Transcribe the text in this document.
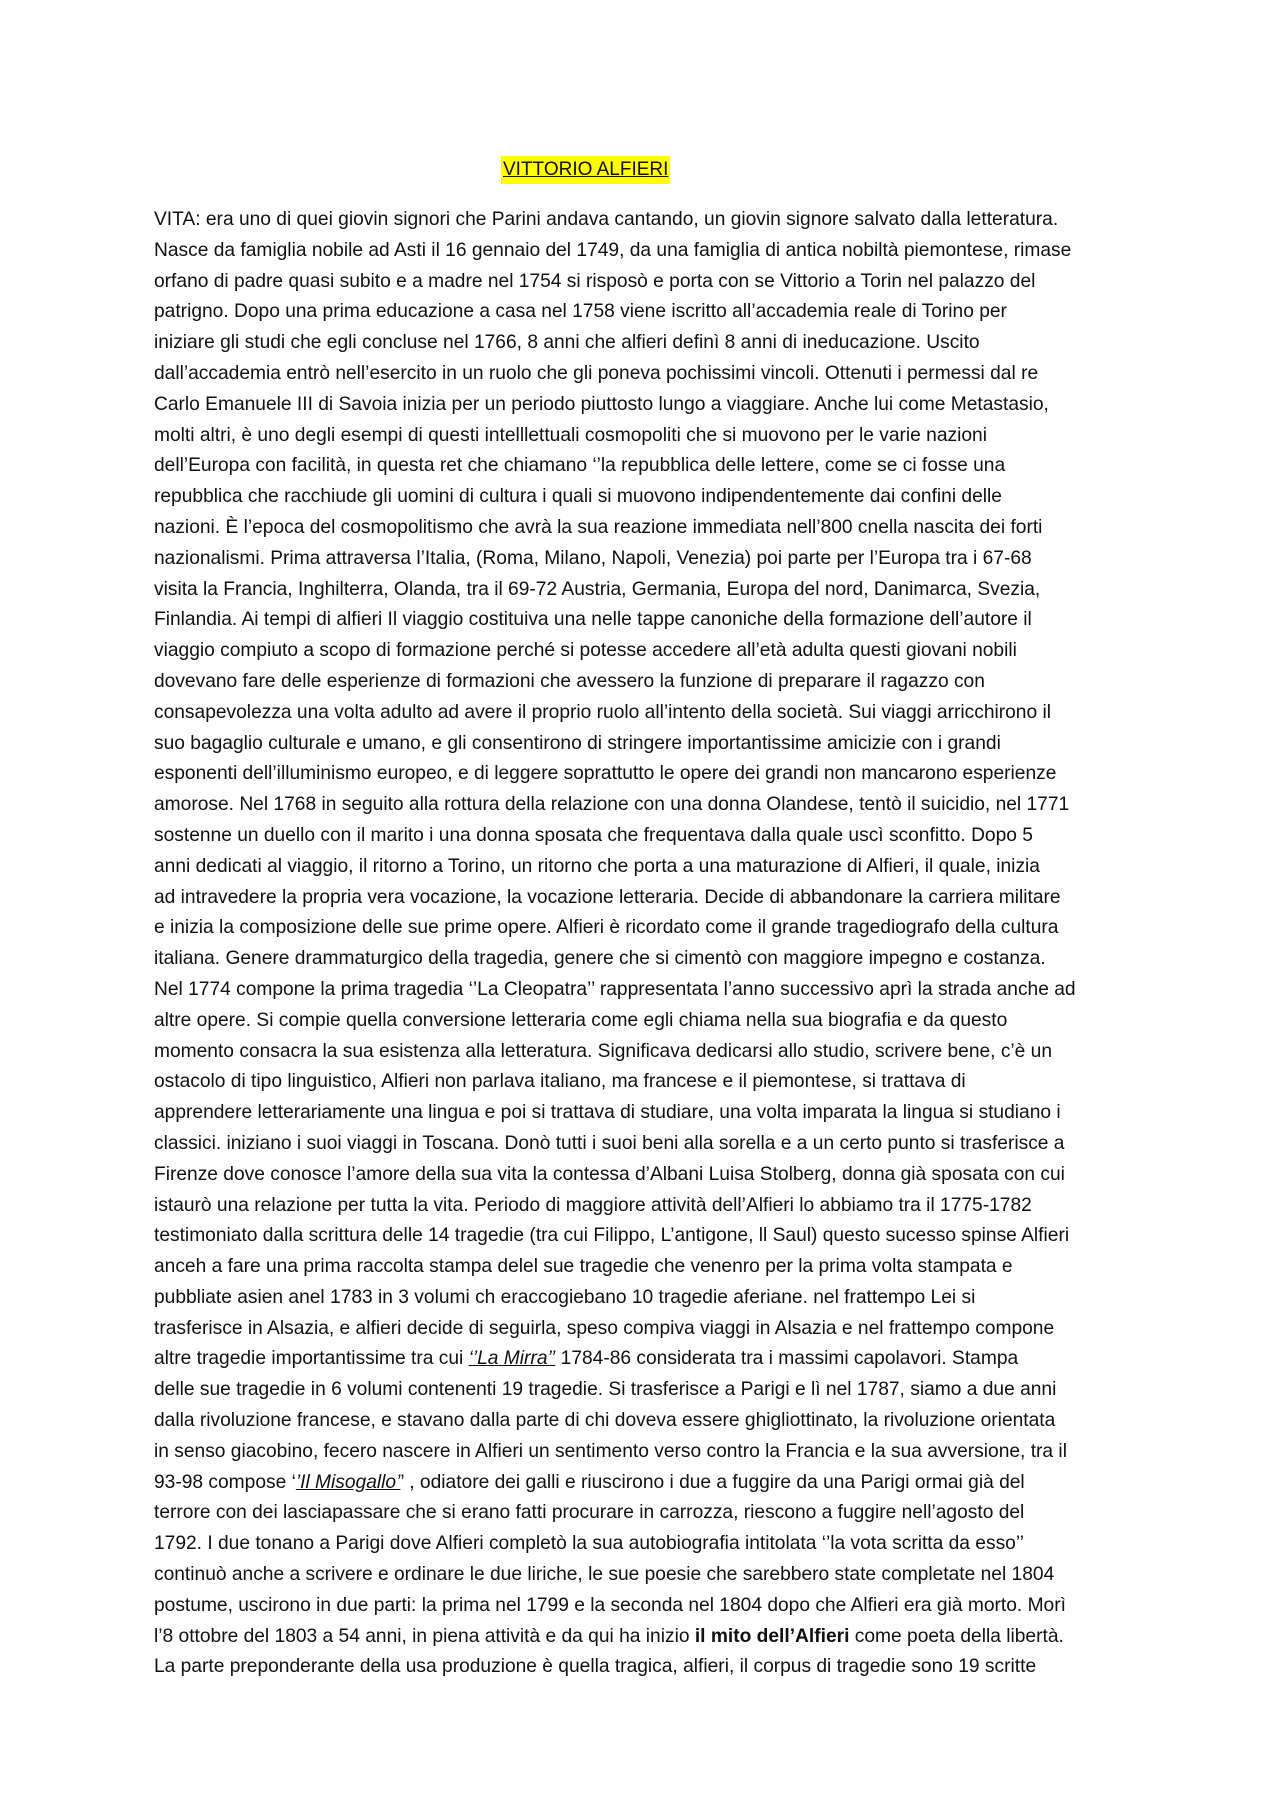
VITTORIO ALFIERI
VITA: era uno di quei giovin signori che Parini andava cantando, un giovin signore salvato dalla letteratura.
Nasce da famiglia nobile ad Asti il 16 gennaio del 1749, da una famiglia di antica nobiltà piemontese, rimase
orfano di padre quasi subito e a madre nel 1754 si risposò e porta con se Vittorio a Torin nel palazzo del
patrigno. Dopo una prima educazione a casa nel 1758 viene iscritto all’accademia reale di Torino per
iniziare gli studi che egli concluse nel 1766, 8 anni che alfieri definì 8 anni di ineducazione. Uscito
dall’accademia entrò nell’esercito in un ruolo che gli poneva pochissimi vincoli. Ottenuti i permessi dal re
Carlo Emanuele III di Savoia inizia per un periodo piuttosto lungo a viaggiare. Anche lui come Metastasio,
molti altri, è uno degli esempi di questi intelllettuali cosmopoliti che si muovono per le varie nazioni
dell’Europa con facilità, in questa ret che chiamano ‘’la repubblica delle lettere, come se ci fosse una
repubblica che racchiude gli uomini di cultura i quali si muovono indipendentemente dai confini delle
nazioni. È l’epoca del cosmopolitismo che avrà la sua reazione immediata nell’800 cnella nascita dei forti
nazionalismi. Prima attraversa l’Italia, (Roma, Milano, Napoli, Venezia) poi parte per l’Europa tra i 67-68
visita la Francia, Inghilterra, Olanda, tra il 69-72 Austria, Germania, Europa del nord, Danimarca, Svezia,
Finlandia. Ai tempi di alfieri Il viaggio costituiva una nelle tappe canoniche della formazione dell’autore il
viaggio compiuto a scopo di formazione perché si potesse accedere all’età adulta questi giovani nobili
dovevano fare delle esperienze di formazioni che avessero la funzione di preparare il ragazzo con
consapevolezza una volta adulto ad avere il proprio ruolo all’intento della società. Sui viaggi arricchirono il
suo bagaglio culturale e umano, e gli consentirono di stringere importantissime amicizie con i grandi
esponenti dell’illuminismo europeo, e di leggere soprattutto le opere dei grandi non mancarono esperienze
amorose. Nel 1768 in seguito alla rottura della relazione con una donna Olandese, tentò il suicidio, nel 1771
sostenne un duello con il marito i una donna sposata che frequentava dalla quale uscì sconfitto. Dopo 5
anni dedicati al viaggio, il ritorno a Torino, un ritorno che porta a una maturazione di Alfieri, il quale, inizia
ad intravedere la propria vera vocazione, la vocazione letteraria. Decide di abbandonare la carriera militare
e inizia la composizione delle sue prime opere. Alfieri è ricordato come il grande tragediografo della cultura
italiana. Genere drammaturgico della tragedia, genere che si cimentò con maggiore impegno e costanza.
Nel 1774 compone la prima tragedia ‘’La Cleopatra’’ rappresentata l’anno successivo aprì la strada anche ad
altre opere. Si compie quella conversione letteraria come egli chiama nella sua biografia e da questo
momento consacra la sua esistenza alla letteratura. Significava dedicarsi allo studio, scrivere bene, c’è un
ostacolo di tipo linguistico, Alfieri non parlava italiano, ma francese e il piemontese, si trattava di
apprendere letterariamente una lingua e poi si trattava di studiare, una volta imparata la lingua si studiano i
classici. iniziano i suoi viaggi in Toscana. Donò tutti i suoi beni alla sorella e a un certo punto si trasferisce a
Firenze dove conosce l’amore della sua vita la contessa d’Albani Luisa Stolberg, donna già sposata con cui
istaurò una relazione per tutta la vita. Periodo di maggiore attività dell’Alfieri lo abbiamo tra il 1775-1782
testimoniato dalla scrittura delle 14 tragedie (tra cui Filippo, L’antigone, ll Saul) questo sucesso spinse Alfieri
anceh a fare una prima raccolta stampa delel sue tragedie che venenro per la prima volta stampata e
pubbliate asien anel 1783 in 3 volumi ch eraccogiebano 10 tragedie aferiane. nel frattempo Lei si
trasferisce in Alsazia, e alfieri decide di seguirla, speso compiva viaggi in Alsazia e nel frattempo compone
altre tragedie importantissime tra cui ‘’La Mirra’’ 1784-86 considerata tra i massimi capolavori. Stampa
delle sue tragedie in 6 volumi contenenti 19 tragedie. Si trasferisce a Parigi e lì nel 1787, siamo a due anni
dalla rivoluzione francese, e stavano dalla parte di chi doveva essere ghigliottinato, la rivoluzione orientata
in senso giacobino, fecero nascere in Alfieri un sentimento verso contro la Francia e la sua avversione, tra il
93-98 compose ‘’Il Misogallo’’ , odiatore dei galli e riuscirono i due a fuggire da una Parigi ormai già del
terrore con dei lasciapassare che si erano fatti procurare in carrozza, riescono a fuggire nell’agosto del
1792. I due tonano a Parigi dove Alfieri completò la sua autobiografia intitolata ‘’la vota scritta da esso’’
continuò anche a scrivere e ordinare le due liriche, le sue poesie che sarebbero state completate nel 1804
postume, uscirono in due parti: la prima nel 1799 e la seconda nel 1804 dopo che Alfieri era già morto. Morì
l’8 ottobre del 1803 a 54 anni, in piena attività e da qui ha inizio il mito dell’Alfieri come poeta della libertà.
La parte preponderante della usa produzione è quella tragica, alfieri, il corpus di tragedie sono 19 scritte
